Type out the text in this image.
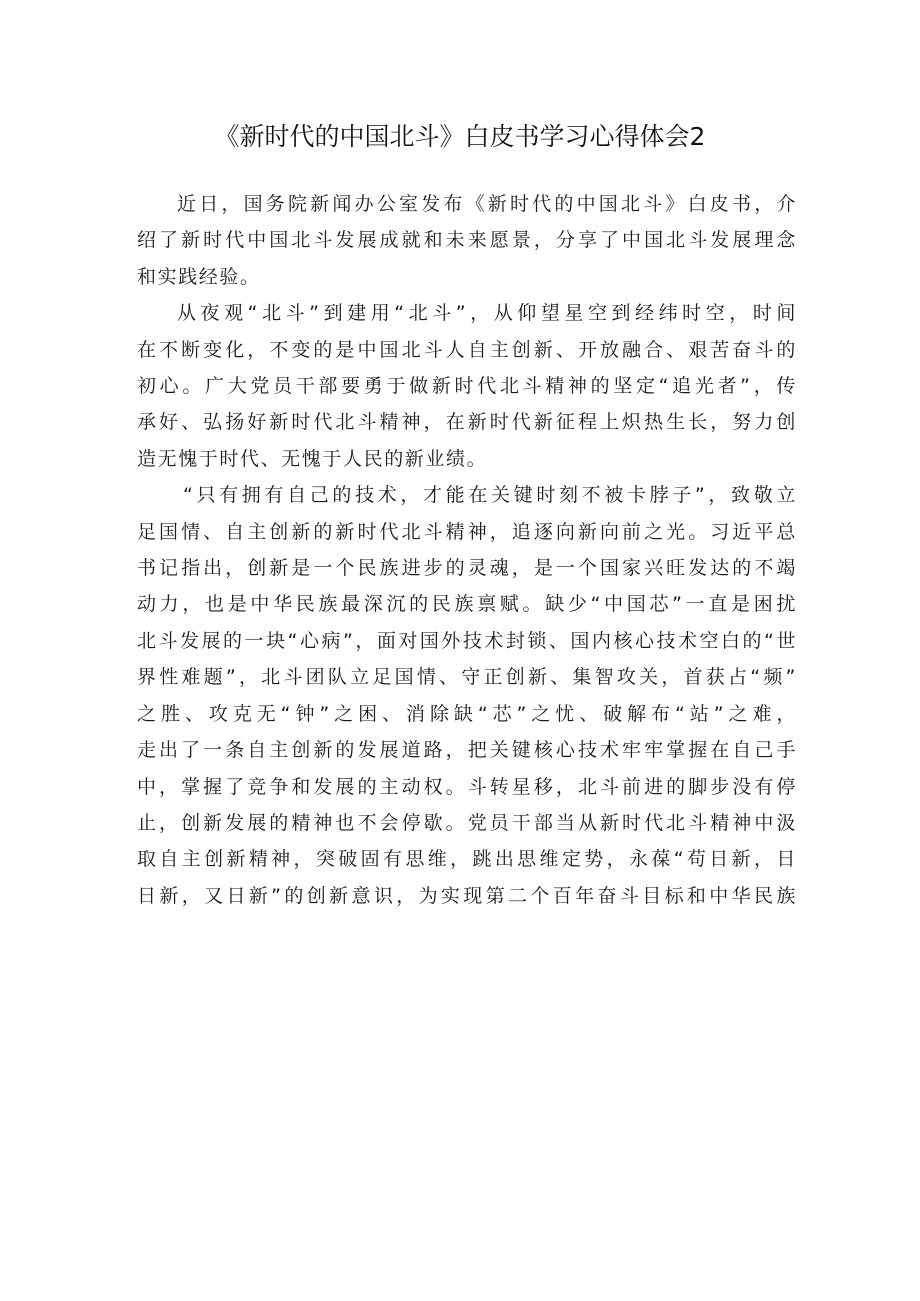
《新时代的中国北斗》白皮书学习心得体会2

近日，国务院新闻办公室发布《新时代的中国北斗》白皮书，介
绍了新时代中国北斗发展成就和未来愿景，分享了中国北斗发展理念
和实践经验。

从夜观“北斗”到建用“北斗”，从仰望星空到经纬时空，时间
在不断变化，不变的是中国北斗人自主创新、开放融合、艰苦奋斗的
初心。广大党员干部要勇于做新时代北斗精神的坚定“追光者”，传
承好、弘扬好新时代北斗精神，在新时代新征程上炽热生长，努力创
造无愧于时代、无愧于人民的新业绩。

“只有拥有自己的技术，才能在关键时刻不被卡脖子”，致敬立
足国情、自主创新的新时代北斗精神，追逐向新向前之光。习近平总
书记指出，创新是一个民族进步的灵魂，是一个国家兴旺发达的不竭
动力，也是中华民族最深沉的民族禀赋。缺少“中国芯”一直是困扰
北斗发展的一块“心病”，面对国外技术封锁、国内核心技术空白的“世
界性难题”，北斗团队立足国情、守正创新、集智攻关，首获占“频”
之胜、攻克无“钟”之困、消除缺“芯”之忧、破解布“站”之难，
走出了一条自主创新的发展道路，把关键核心技术牢牢掌握在自己手
中，掌握了竞争和发展的主动权。斗转星移，北斗前进的脚步没有停
止，创新发展的精神也不会停歇。党员干部当从新时代北斗精神中汲
取自主创新精神，突破固有思维，跳出思维定势，永葆“苟日新，日
日新，又日新”的创新意识，为实现第二个百年奋斗目标和中华民族
